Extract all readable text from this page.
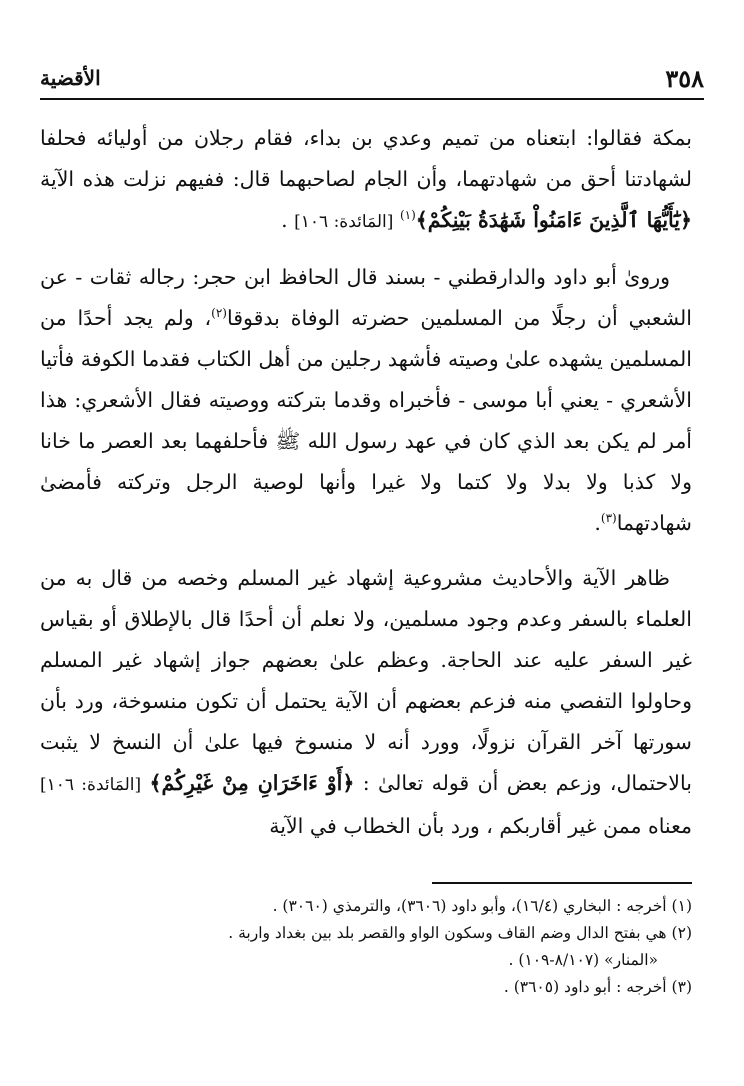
٣٥٨
الأقضية

بمكة فقالوا: ابتعناه من تميم وعدي بن بداء، فقام رجلان من أوليائه فحلفا لشهادتنا أحق من شهادتهما، وأن الجام لصاحبهما قال: ففيهم نزلت هذه الآية ﴿يَٰٓأَيُّهَا ٱلَّذِينَ ءَامَنُواْ شَهَٰدَةُ بَيْنِكُمْ﴾$^{(١)}$ [المَائدة: ١٠٦] .

وروىٰ أبو داود والدارقطني - بسند قال الحافظ ابن حجر: رجاله ثقات - عن الشعبي أن رجلًا من المسلمين حضرته الوفاة بدقوقا$^{(٢)}$، ولم يجد أحدًا من المسلمين يشهده علىٰ وصيته فأشهد رجلين من أهل الكتاب فقدما الكوفة فأتيا الأشعري - يعني أبا موسى - فأخبراه وقدما بتركته ووصيته فقال الأشعري: هذا أمر لم يكن بعد الذي كان في عهد رسول الله ﷺ فأحلفهما بعد العصر ما خانا ولا كذبا ولا بدلا ولا كتما ولا غيرا وأنها لوصية الرجل وتركته فأمضىٰ شهادتهما$^{(٣)}$.

ظاهر الآية والأحاديث مشروعية إشهاد غير المسلم وخصه من قال به من العلماء بالسفر وعدم وجود مسلمين، ولا نعلم أن أحدًا قال بالإطلاق أو بقياس غير السفر عليه عند الحاجة. وعظم علىٰ بعضهم جواز إشهاد غير المسلم وحاولوا التفصي منه فزعم بعضهم أن الآية يحتمل أن تكون منسوخة، ورد بأن سورتها آخر القرآن نزولًا، وورد أنه لا منسوخ فيها علىٰ أن النسخ لا يثبت بالاحتمال، وزعم بعض أن قوله تعالىٰ : ﴿أَوْ ءَاخَرَانِ مِنْ غَيْرِكُمْ﴾ [المَائدة: ١٠٦] معناه ممن غير أقاربكم ، ورد بأن الخطاب في الآية

(١) أخرجه : البخاري (١٦/٤)، وأبو داود (٣٦٠٦)، والترمذي (٣٠٦٠) .

(٢) هي بفتح الدال وضم القاف وسكون الواو والقصر بلد بين بغداد واربة .

«المنار» (٨/١٠٧-١٠٩) .

(٣) أخرجه : أبو داود (٣٦٠٥) .
